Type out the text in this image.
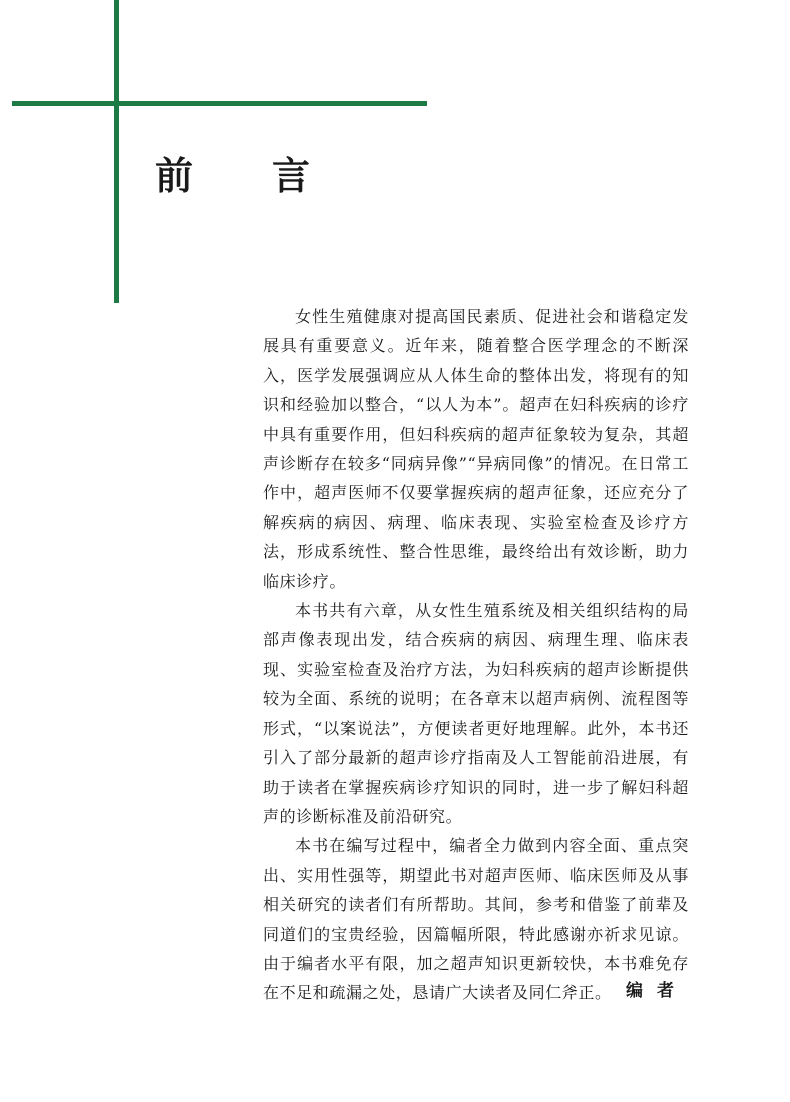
前	言

女性生殖健康对提高国民素质、促进社会和谐稳定发展具有重要意义。近年来，随着整合医学理念的不断深入，医学发展强调应从人体生命的整体出发，将现有的知识和经验加以整合，“以人为本”。超声在妇科疾病的诊疗中具有重要作用，但妇科疾病的超声征象较为复杂，其超声诊断存在较多“同病异像”“异病同像”的情况。在日常工作中，超声医师不仅要掌握疾病的超声征象，还应充分了解疾病的病因、病理、临床表现、实验室检查及诊疗方法，形成系统性、整合性思维，最终给出有效诊断，助力临床诊疗。

本书共有六章，从女性生殖系统及相关组织结构的局部声像表现出发，结合疾病的病因、病理生理、临床表现、实验室检查及治疗方法，为妇科疾病的超声诊断提供较为全面、系统的说明；在各章末以超声病例、流程图等形式，“以案说法”，方便读者更好地理解。此外，本书还引入了部分最新的超声诊疗指南及人工智能前沿进展，有助于读者在掌握疾病诊疗知识的同时，进一步了解妇科超声的诊断标准及前沿研究。

本书在编写过程中，编者全力做到内容全面、重点突出、实用性强等，期望此书对超声医师、临床医师及从事相关研究的读者们有所帮助。其间，参考和借鉴了前辈及同道们的宝贵经验，因篇幅所限，特此感谢亦祈求见谅。由于编者水平有限，加之超声知识更新较快，本书难免存在不足和疏漏之处，恳请广大读者及同仁斧正。 编者
